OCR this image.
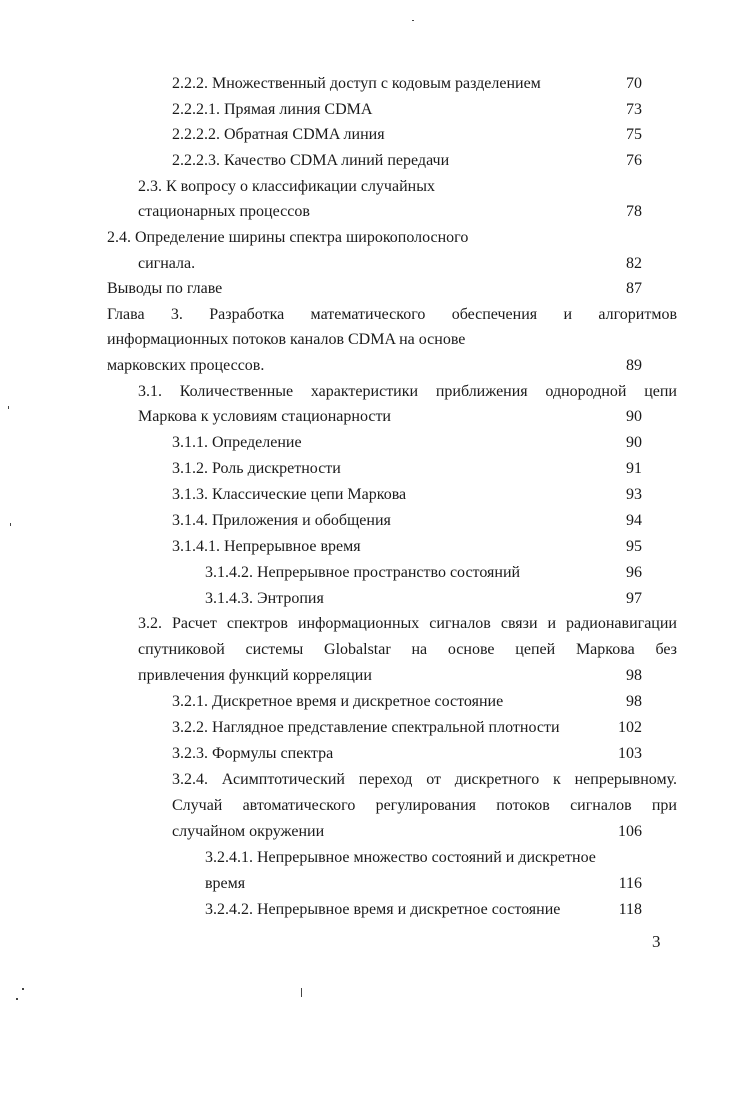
2.2.2. Множественный доступ с кодовым разделением	70
2.2.2.1. Прямая линия CDMA	73
2.2.2.2. Обратная CDMA линия	75
2.2.2.3. Качество CDMA линий передачи	76
2.3. К вопросу о классификации случайных
стационарных процессов	78
2.4. Определение ширины спектра широкополосного
сигнала.	82
Выводы по главе	87
Глава 3. Разработка математического обеспечения и алгоритмов
информационных потоков каналов CDMA на основе
марковских процессов.	89
3.1. Количественные характеристики приближения однородной цепи
Маркова к условиям стационарности	90
3.1.1. Определение	90
3.1.2. Роль дискретности	91
3.1.3. Классические цепи Маркова	93
3.1.4. Приложения и обобщения	94
3.1.4.1. Непрерывное время	95
3.1.4.2. Непрерывное пространство состояний	96
3.1.4.3. Энтропия	97
3.2. Расчет спектров информационных сигналов связи и радионавигации
спутниковой системы Globalstar на основе цепей Маркова без
привлечения функций корреляции	98
3.2.1. Дискретное время и дискретное состояние	98
3.2.2. Наглядное представление спектральной плотности	102
3.2.3. Формулы спектра	103
3.2.4. Асимптотический переход от дискретного к непрерывному.
Случай автоматического регулирования потоков сигналов при
случайном окружении	106
3.2.4.1. Непрерывное множество состояний и дискретное
время	116
3.2.4.2. Непрерывное время и дискретное состояние	118
3
